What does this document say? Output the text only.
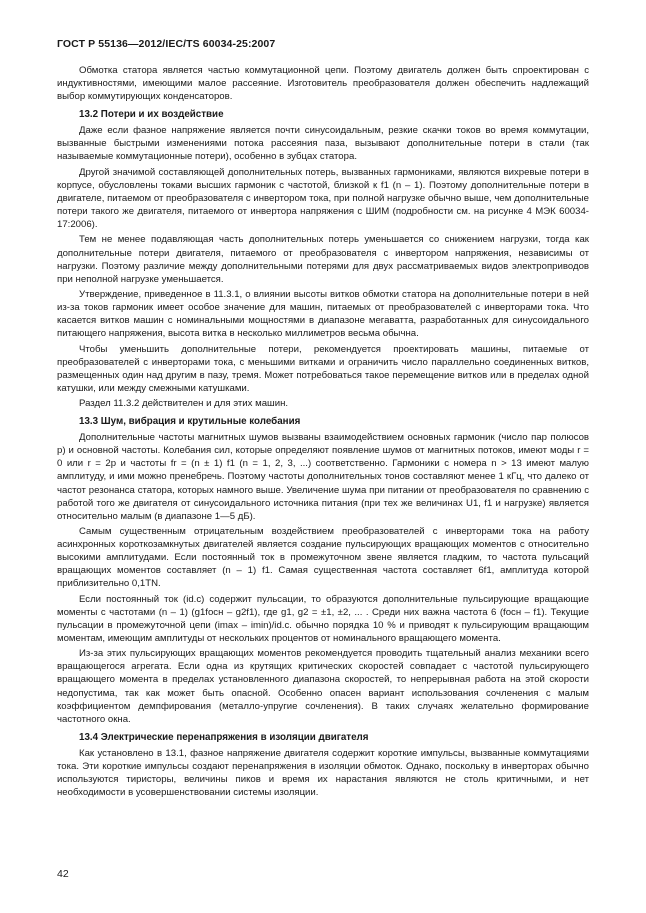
ГОСТ Р 55136—2012/IEC/TS 60034-25:2007

Обмотка статора является частью коммутационной цепи. Поэтому двигатель должен быть спроектирован с индуктивностями, имеющими малое рассеяние. Изготовитель преобразователя должен обеспечить надлежащий выбор коммутирующих конденсаторов.

13.2 Потери и их воздействие

Даже если фазное напряжение является почти синусоидальным, резкие скачки токов во время коммутации, вызванные быстрыми изменениями потока рассеяния паза, вызывают дополнительные потери в стали (так называемые коммутационные потери), особенно в зубцах статора.

Другой значимой составляющей дополнительных потерь, вызванных гармониками, являются вихревые потери в корпусе, обусловлены токами высших гармоник с частотой, близкой к f1 (n – 1). Поэтому дополнительные потери в двигателе, питаемом от преобразователя с инвертором тока, при полной нагрузке обычно выше, чем дополнительные потери такого же двигателя, питаемого от инвертора напряжения с ШИМ (подробности см. на рисунке 4 МЭК 60034-17:2006).

Тем не менее подавляющая часть дополнительных потерь уменьшается со снижением нагрузки, тогда как дополнительные потери двигателя, питаемого от преобразователя с инвертором напряжения, независимы от нагрузки. Поэтому различие между дополнительными потерями для двух рассматриваемых видов электроприводов при неполной нагрузке уменьшается.

Утверждение, приведенное в 11.3.1, о влиянии высоты витков обмотки статора на дополнительные потери в ней из-за токов гармоник имеет особое значение для машин, питаемых от преобразователей с инверторами тока. Что касается витков машин с номинальными мощностями в диапазоне мегаватта, разработанных для синусоидального питающего напряжения, высота витка в несколько миллиметров весьма обычна.

Чтобы уменьшить дополнительные потери, рекомендуется проектировать машины, питаемые от преобразователей с инверторами тока, с меньшими витками и ограничить число параллельно соединенных витков, размещенных один над другим в пазу, тремя. Может потребоваться такое перемещение витков или в пределах одной катушки, или между смежными катушками.

Раздел 11.3.2 действителен и для этих машин.

13.3 Шум, вибрация и крутильные колебания

Дополнительные частоты магнитных шумов вызваны взаимодействием основных гармоник (число пар полюсов p) и основной частоты. Колебания сил, которые определяют появление шумов от магнитных потоков, имеют моды r = 0 или r = 2p и частоты fr = (n ± 1) f1 (n = 1, 2, 3, ...) соответственно. Гармоники с номера n > 13 имеют малую амплитуду, и ими можно пренебречь. Поэтому частоты дополнительных тонов составляют менее 1 кГц, что далеко от частот резонанса статора, которых намного выше. Увеличение шума при питании от преобразователя по сравнению с работой того же двигателя от синусоидального источника питания (при тех же величинах U1, f1 и нагрузке) является относительно малым (в диапазоне 1—5 дБ).

Самым существенным отрицательным воздействием преобразователей с инверторами тока на работу асинхронных короткозамкнутых двигателей является создание пульсирующих вращающих моментов с относительно высокими амплитудами. Если постоянный ток в промежуточном звене является гладким, то частота пульсаций вращающих моментов составляет (n – 1) f1. Самая существенная частота составляет 6f1, амплитуда которой приблизительно 0,1TN.

Если постоянный ток (id.c) содержит пульсации, то образуются дополнительные пульсирующие вращающие моменты с частотами (n – 1) (g1fосн – g2f1), где g1, g2 = ±1, ±2, ... . Среди них важна частота 6 (fосн – f1). Текущие пульсации в промежуточной цепи (imax – imin)/id.c. обычно порядка 10 % и приводят к пульсирующим вращающим моментам, имеющим амплитуды от нескольких процентов от номинального вращающего момента.

Из-за этих пульсирующих вращающих моментов рекомендуется проводить тщательный анализ механики всего вращающегося агрегата. Если одна из крутящих критических скоростей совпадает с частотой пульсирующего вращающего момента в пределах установленного диапазона скоростей, то непрерывная работа на этой скорости недопустима, так как может быть опасной. Особенно опасен вариант использования сочленения с малым коэффициентом демпфирования (металло-упругие сочленения). В таких случаях желательно формирование частотного окна.

13.4 Электрические перенапряжения в изоляции двигателя

Как установлено в 13.1, фазное напряжение двигателя содержит короткие импульсы, вызванные коммутациями тока. Эти короткие импульсы создают перенапряжения в изоляции обмоток. Однако, поскольку в инверторах обычно используются тиристоры, величины пиков и время их нарастания являются не столь критичными, и нет необходимости в усовершенствовании системы изоляции.

42
